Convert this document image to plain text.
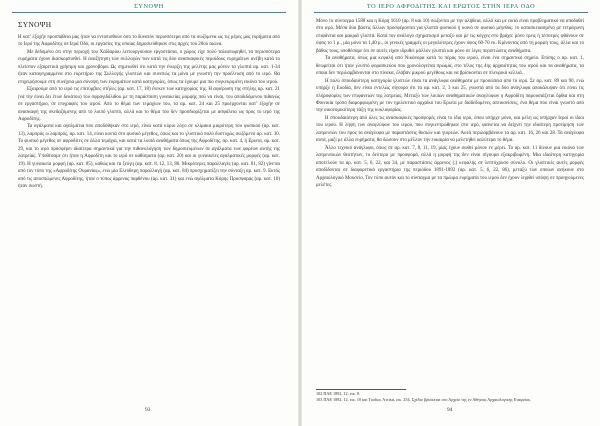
ΣΥΝΟΨΗ
ΣΥΝΟΨΗ

Η κατ’ έξοχήν προσπάθεια μας ήταν να εντοπισθούν όσο το δυνατόν περισσότερα από τα σωζόμενα ως τις μέρες μας ευρήματα από το Ιερό της Αφροδίτης σε Ιερά Οδό, οι εργασίες της οποίας δημοσιεύθηκαν στις αρχές του 20ού αιώνα.

Με δεδομένο ότι στην περιοχή του Χαϊδαρίου λειτουργούσαν εργοστάσια, ο χώρος είχε πολύ ταλαιπωρηθεί, τα περισσότερα ευρήματα έχουν διασκορπισθεί. Η αναζήτηση των συλλογών των κατά τις δύο ανασκαφικές περιόδους ευρημάτων ανέβη κατά το πλείστον εξαιρετικά χρήσιμη και χρονοβόρα. Ως σημειωθεί ότι κατά την ένωρξη της μελέτης μας μόνον τα γλυπτά αρ. κατ. 1-34 ήταν καταγεγραμμένα στο ευρετήριο της Συλλογής γλυπτών και συνεπώς τα μόνα με γνωστή την προέλευση από το ιερό. Θα επιχειρήσουμε στη συνέχεια μια σύνοψη των ευρημάτων κατά κατηγορίες, όπως τα έχουμε μια πιο συγκεκριμένη εικόνα του ιερού.

Εξαιρούμε από το ιερό τις επιτύμβιες στήλες (αρ. κατ. 17, 18) ένεκεν των κατηγορίας της. Η αφιέρωση της στήλης αρ. κατ. 21 (νά την έιναι δει έτων δεκάτου) του σφραγιδόλιθου με τη παράσταση γυναικείας μορφής πού να είναι, του αποδιδόμενου πιθανώς σε εργαστήριο, σε επιγραφές του ιερού. Από το θέμα των τεμαχίων του, τα αρ. κατ. 24 και 25 προέρχονται κατ’ έξοχήν σε ανασκαφή της σκεδαζόμενης από το λοιπό γλυπτό, αλλά και το θέμα του δεν προσδιορίζεται με ασφάλεια ως προς το ιερό της Αφροδίτης.

Τα αγάλματα και αγαλμάτια που αποδόθηκαν στο ιερό, είναι κατά κύριο λόγο σε κλίμακα μικρότερη του φυσικού (αρ. κατ. 13), λαμπρός ω λαμπρός, αρ. κατ. 14, είναι κοντά στο φυσικό μέγεθος, όπως και το γλυπτικό πολύ δυστυχώς σωζόμενο αρ. κατ. 30. Το φυσικό μέγεθος σε αφροδίτες σε άλλα τεμάχια, και κατά τα λοιπά αναθήματα όπως της Αφροδίτης, αρ. κατ. 4, ή Ερωτα, αρ. κατ. 29, και το ιερό προσφέρει ιδιαίτερα σημαντικά για την πιθανολόγηση των δημοσιευμένων σε αγάλματα των φορέων αυτής της λατρείας. Υποθέσαμε ότι ήταν η Αφροδίτη και το ιερό σε καθίσματα (αρ. κατ. 20) και οι γυναικείες αγαλματικές μορφές (αρ. κατ. 19). Η γυναικεία μορφή (αρ. κατ. 85), καθώς και τα ζεύγη (αρ. κατ. 8, 12, 13, 86. Μικρότερες παραλλαγές (αρ. κατ. 81, 82) γίνεται από τον τύπο της «Αφροδίτης Ουρανίας», ενώ μία Ελεύθερη παραλλαγή (αρ. κατ. 84) προσχηματίζει την σύνταξη αρ. κατ. 9. Εκτός από τις αποσπώμενες Αφροδίτης, ήταν ο τύπος άρρενος παρθένου (αρ. κατ. 31) και ενώ αγάλματα Κόρης Προσφοράς (αρ. κατ. 10) ήταν σωστή.

93
ΤΟ ΙΕΡΟ ΑΦΡΟΔΙΤΗΣ ΚΑΙ ΕΡΩΤΟΣ ΣΤΗΝ ΙΕΡΑ ΟΔΟ

Μόνο το σύνταγμα 1588 και η Κόρη 1610 (αρ. 8 και 10) σώζονται με την αλήθεια, αλλά και με αυτά είναι προβληματικό να αποδοθεί στο ιερό. Μέσα δύο βάσεις άλλων προσφέρονται για γλυπτά φυσικού ή κοινό σε φυσικό μέγεθος: το κατασκευασμένο με τετράγωνη επιφάνεια και μακριά γλυπτά. Κατά τον ανάλογο σχηματισμό μεταξύ και με τις κόγχες στο βράχο: μόνο τρεις ή τέσσερες φθάνουν σε ύψος το 1 μ., μία μόνο τα 1,40 μ., οι γενικές γραμμές οι μεγαλύτερες έχουν ύψος 60-70 εκ. Κρίνοντας από τη μορφή τους, άλλα και το βάθος τους, υποθέσαμε ότι σε αυτές είχαν ιδρυθεί μάλλον γλυπτά και μόνο σε λίγες περιπτώσεις αναθήματα.

Τα αναθήματα, όπως μια κεφαλή από Νικάνορα κατά το πέρας του ιερού, είναι ένα σημαντικό σημείο. Επίσης ο αρ. κατ. 1, θεωρείται ότι ήταν γλυπτό φορασκεύου που χρονολογείται πρώιμα, στο τέλος της 4ης αρχαιότητας του ιερού και τα αναθήματα, τα οποία δεν περιλαμβάνονται στο πίνακα, έλαβαν μικρού μεγέθους και να βρίσκονται σε πλευρικά κελλιά.

Η πολύ σπουδαιότερη κατηγορία γλυπτών είναι τα ανάγλυφα ανάθηματα με προσώπεια από το ιερό. Σε αρ. κατ. 89 και 90, ενώ υπήρξε η Ευοδία, δεν είναι εντελώς σίγουρο ότι τα αρ. κατ. 2, 3 και 25, γνωστά από τα δύο ανάγλυφα αποκάλυψαν ότι είναι τις πληροφορίες των επιφανειών της λατρείας. Μεταξύ των λοιπών αναθηματικών αναγλύφων η Αφροδίτη παρουσιάζεται όρθια και στη Φοινικία τρόπο διαμορφωμένη με τον ημιλεκτικό αρχαϊκό του Ερωτα με διαδεδομένες απεικονίσεις, ένα θέμα που είναι γνωστό από την οικονομικότερη τάξη της κυκλοφορίας.

Η σπουδαιότερη από όλες τις ανασκαφικές προσφορές είναι το ίδιο ιερό, όπου υπήρχε μόνο, και μέλη ως υπήρχαν Ιεροί οι ίδιοι του ιερού. Η λήψη των αναγλύφων του ιερού, που συγκεντρώθηκαν στο ιερό, φαίνεται να δείχνει την ιδιαίτερη προτίμηση των λατρευτών του προς τα ανάγλυφα με παραστάσεις θυσιών και γιορτών. Αυτά περιλαμβάνουν τα αρ. κατ. 16, 26 και 28. Τα ανάγλυφα αυτά, μαζί με άλλα ευρήματα, θα δώσουν στο μέλλον την ευκαιρία να μελετηθεί καλύτερα το θέμα.

Άλλο τεχνικό ανάγλυφο, όπως σε αρ. κατ. 7, 8, 11, 19, μίας έχουν σωθεί μόνον εν μέρει. Το αρ. κατ. 11 δίνουν μια εικόνα των λατρευτικών θεοτήτων, το δεύτερο με προσφορά, αλλά η μορφή της δεν είναι σίγουρα εξακριβωμένη. Μια ιδιαίτερη κατηγορία αποτελούν τα αρ. κατ. 5, 6, 22, και 34, με παραστάσεις άρρενος (;) κεφαλής σε λεπτόχρυσο σύνολο. Οι γλυπτικές αυτές μορφές αποδίδονται σε διαφορετικά εργαστήρια της περιόδου 1891-1892 (αρ. κατ. 5, 6, 22, 86), μεταξύ των οποίων ανήκουν στο Αρχαιολογικό Μουσείο. Τον τύπο αυτόν και το σύνταγμα με τα πρώιμα ευρήματα του ιερού δεν έχουν ληφθεί υπόψη σε προηγούμενες μελέτες.

102 ΠΑΕ 1892, 12, εικ. 8.
103 ΠΑΕ 1892, 12, εικ. 10 και Τσοΐκα, Αττίκα, εικ. 254. Σχέδιο βρίσκεται στο Αρχείο της εν Αθήναις Αρχαιολογικής Εταιρείας.
94
